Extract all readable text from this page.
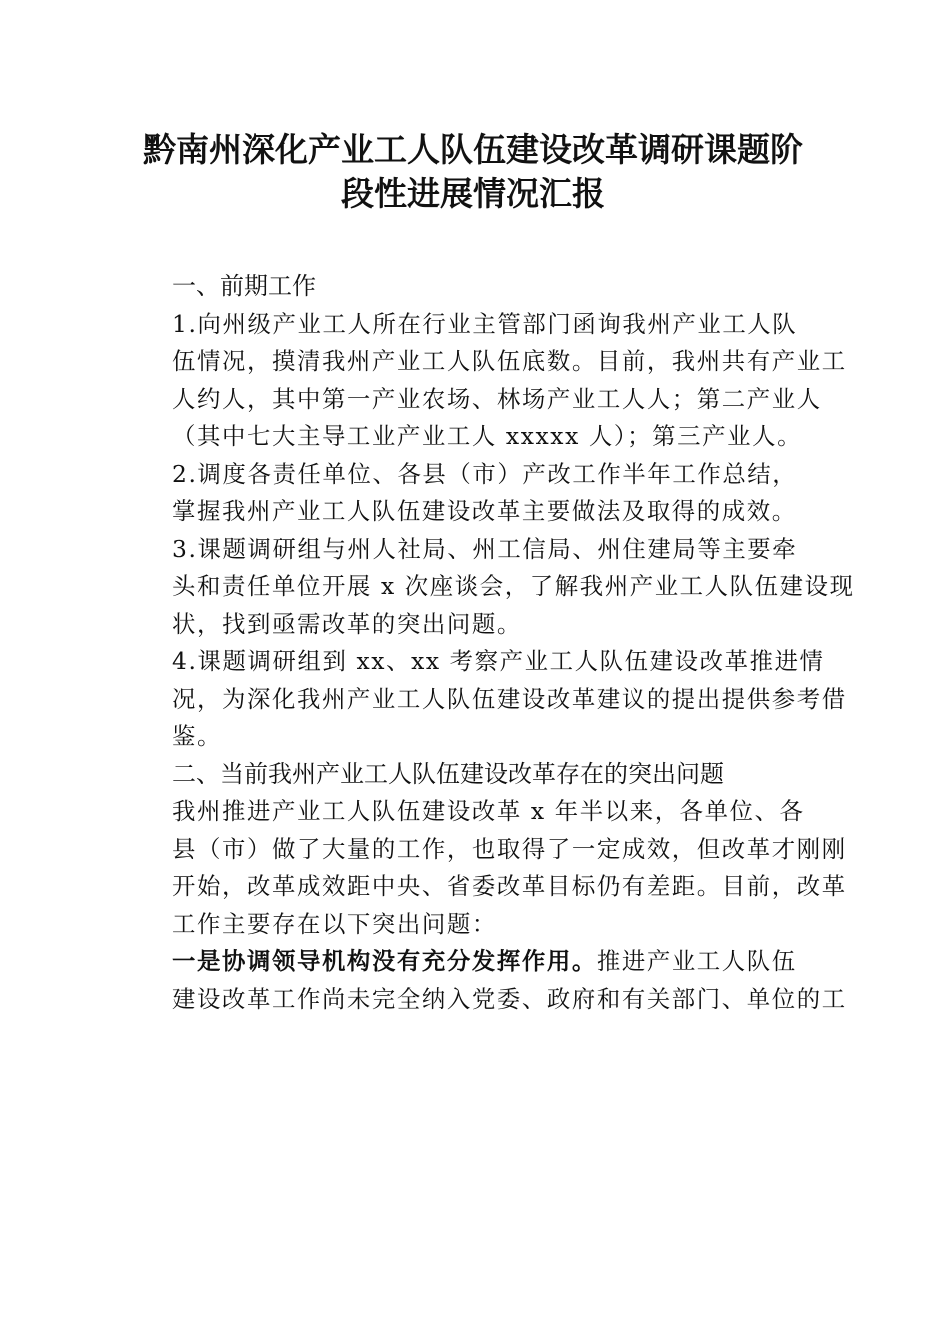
黔南州深化产业工人队伍建设改革调研课题阶
段性进展情况汇报
一、前期工作

1.向州级产业工人所在行业主管部门函询我州产业工人队
伍情况，摸清我州产业工人队伍底数。目前，我州共有产业工
人约人，其中第一产业农场、林场产业工人人；第二产业人
（其中七大主导工业产业工人 xxxxx 人）；第三产业人。

2.调度各责任单位、各县（市）产改工作半年工作总结，
掌握我州产业工人队伍建设改革主要做法及取得的成效。

3.课题调研组与州人社局、州工信局、州住建局等主要牵
头和责任单位开展 x 次座谈会，了解我州产业工人队伍建设现
状，找到亟需改革的突出问题。

4.课题调研组到 xx、xx 考察产业工人队伍建设改革推进情
况，为深化我州产业工人队伍建设改革建议的提出提供参考借
鉴。

二、当前我州产业工人队伍建设改革存在的突出问题

我州推进产业工人队伍建设改革 x 年半以来，各单位、各
县（市）做了大量的工作，也取得了一定成效，但改革才刚刚
开始，改革成效距中央、省委改革目标仍有差距。目前，改革
工作主要存在以下突出问题：

一是协调领导机构没有充分发挥作用。推进产业工人队伍
建设改革工作尚未完全纳入党委、政府和有关部门、单位的工
